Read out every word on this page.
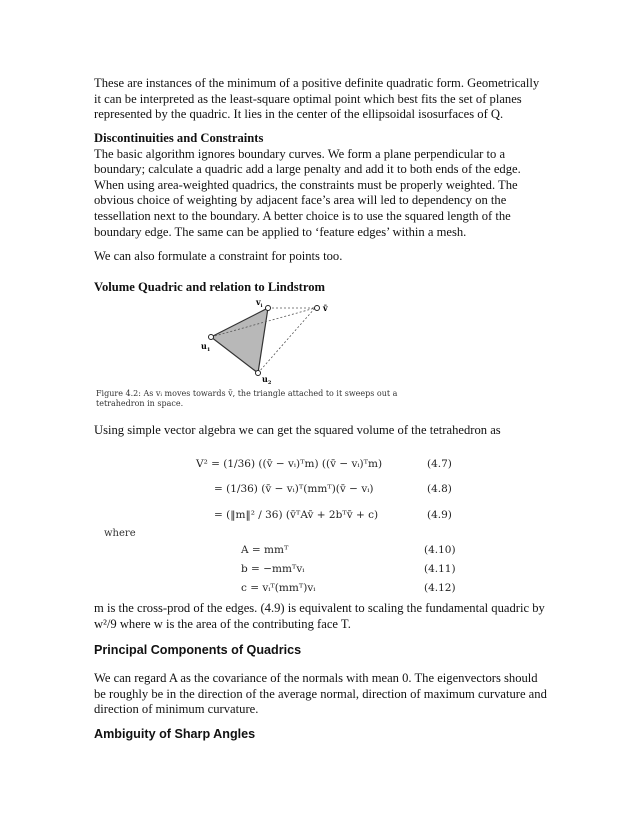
These are instances of the minimum of a positive definite quadratic form. Geometrically
it can be interpreted as the least-square optimal point which best fits the set of planes
represented by the quadric. It lies in the center of the ellipsoidal isosurfaces of Q.

Discontinuities and Constraints
The basic algorithm ignores boundary curves. We form a plane perpendicular to a
boundary; calculate a quadric add a large penalty and add it to both ends of the edge.
When using area-weighted quadrics, the constraints must be properly weighted. The
obvious choice of weighting by adjacent face’s area will led to dependency on the
tessellation next to the boundary. A better choice is to use the squared length of the
boundary edge. The same can be applied to ‘feature edges’ within a mesh.

We can also formulate a constraint for points too.

Volume Quadric and relation to Lindstrom

$v_i$	v̄
$u_1$
$u_2$
Figure 4.2: As vᵢ moves towards v̄, the triangle attached to it sweeps out a
tetrahedron in space.

Using simple vector algebra we can get the squared volume of the tetrahedron as

V² = (1/36) ((v̄ − vᵢ)ᵀm) ((v̄ − vᵢ)ᵀm)
= (1/36) (v̄ − vᵢ)ᵀ(mmᵀ)(v̄ − vᵢ)
= (‖m‖² / 36) (v̄ᵀAv̄ + 2bᵀv̄ + c)
(4.7)
(4.8)
(4.9)
where
A = mmᵀ
b = −mmᵀvᵢ
c = vᵢᵀ(mmᵀ)vᵢ
(4.10)
(4.11)
(4.12)

m is the cross-prod of the edges. (4.9) is equivalent to scaling the fundamental quadric by
w²/9 where w is the area of the contributing face T.

Principal Components of Quadrics

We can regard A as the covariance of the normals with mean 0. The eigenvectors should
be roughly be in the direction of the average normal, direction of maximum curvature and
direction of minimum curvature.

Ambiguity of Sharp Angles
